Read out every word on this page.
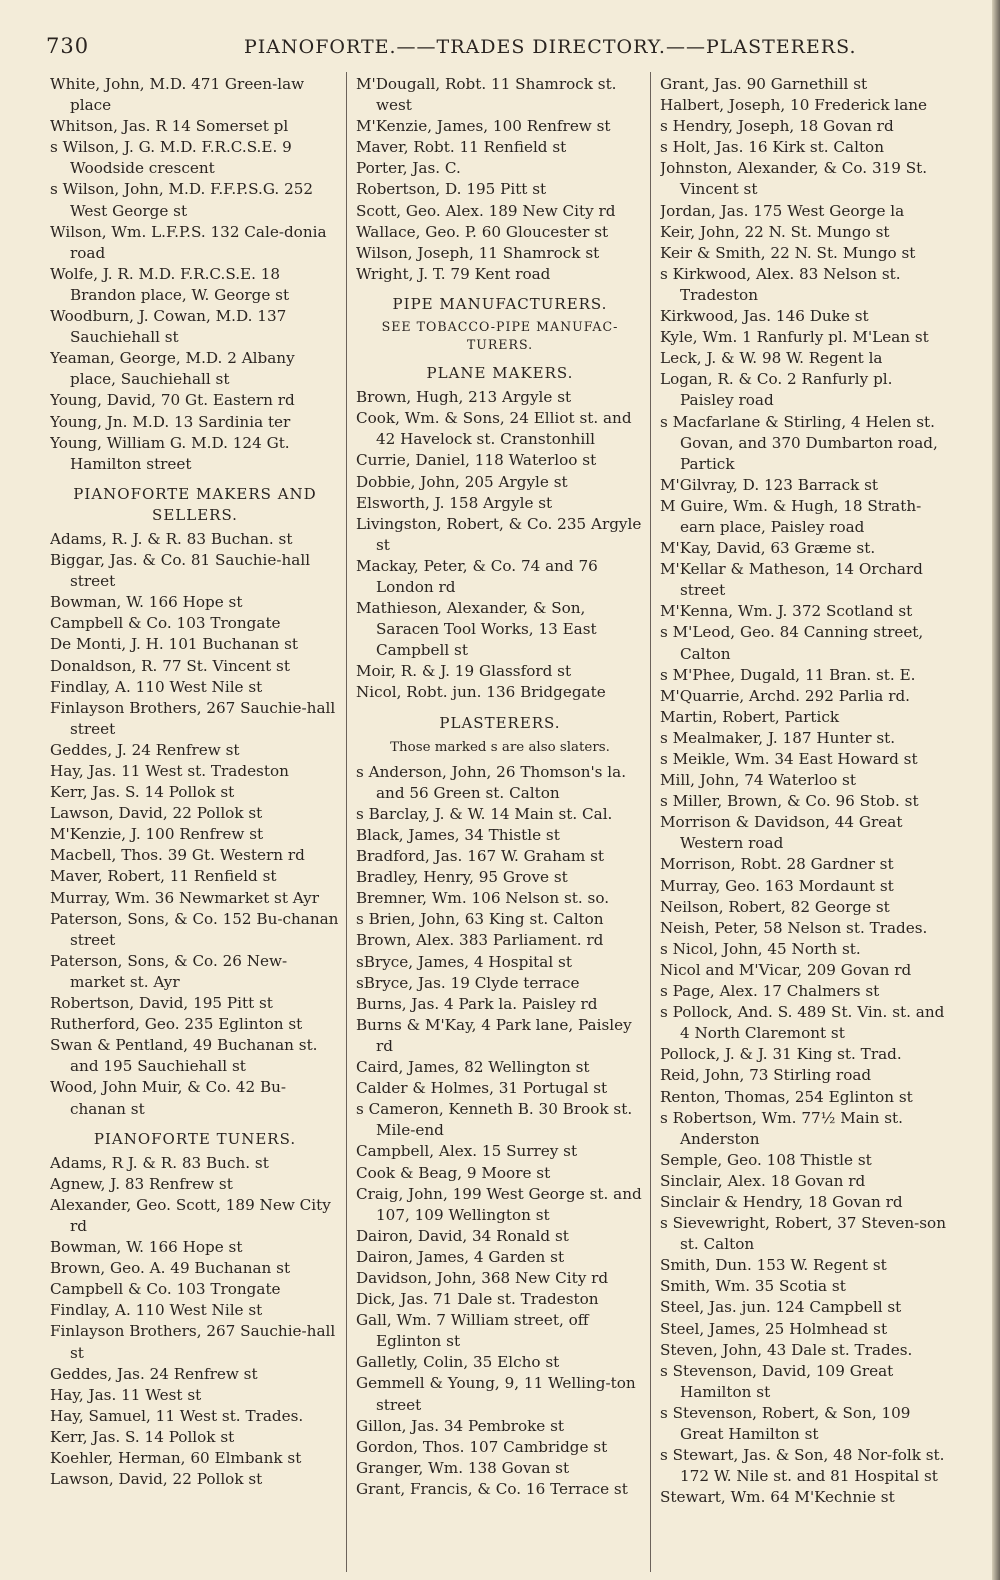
730	PIANOFORTE.——TRADES DIRECTORY.——PLASTERERS.
White, John, M.D. 471 Green-law place
Whitson, Jas. R 14 Somerset pl
s Wilson, J. G. M.D. F.R.C.S.E. 9 Woodside crescent
s Wilson, John, M.D. F.F.P.S.G. 252 West George st
Wilson, Wm. L.F.P.S. 132 Cale-donia road
Wolfe, J. R. M.D. F.R.C.S.E. 18 Brandon place, W. George st
Woodburn, J. Cowan, M.D. 137 Sauchiehall st
Yeaman, George, M.D. 2 Albany place, Sauchiehall st
Young, David, 70 Gt. Eastern rd
Young, Jn. M.D. 13 Sardinia ter
Young, William G. M.D. 124 Gt. Hamilton street
PIANOFORTE MAKERS AND SELLERS.
Adams, R. J. & R. 83 Buchan. st
Biggar, Jas. & Co. 81 Sauchie-hall street
Bowman, W. 166 Hope st
Campbell & Co. 103 Trongate
De Monti, J. H. 101 Buchanan st
Donaldson, R. 77 St. Vincent st
Findlay, A. 110 West Nile st
Finlayson Brothers, 267 Sauchie-hall street
Geddes, J. 24 Renfrew st
Hay, Jas. 11 West st. Tradeston
Kerr, Jas. S. 14 Pollok st
Lawson, David, 22 Pollok st
M'Kenzie, J. 100 Renfrew st
Macbell, Thos. 39 Gt. Western rd
Maver, Robert, 11 Renfield st
Murray, Wm. 36 Newmarket st Ayr
Paterson, Sons, & Co. 152 Bu-chanan street
Paterson, Sons, & Co. 26 New-market st. Ayr
Robertson, David, 195 Pitt st
Rutherford, Geo. 235 Eglinton st
Swan & Pentland, 49 Buchanan st. and 195 Sauchiehall st
Wood, John Muir, & Co. 42 Bu-chanan st
PIANOFORTE TUNERS.
Adams, R J. & R. 83 Buch. st
Agnew, J. 83 Renfrew st
Alexander, Geo. Scott, 189 New City rd
Bowman, W. 166 Hope st
Brown, Geo. A. 49 Buchanan st
Campbell & Co. 103 Trongate
Findlay, A. 110 West Nile st
Finlayson Brothers, 267 Sauchie-hall st
Geddes, Jas. 24 Renfrew st
Hay, Jas. 11 West st
Hay, Samuel, 11 West st. Trades.
Kerr, Jas. S. 14 Pollok st
Koehler, Herman, 60 Elmbank st
Lawson, David, 22 Pollok st
M'Dougall, Robt. 11 Shamrock st. west
M'Kenzie, James, 100 Renfrew st
Maver, Robt. 11 Renfield st
Porter, Jas. C.
Robertson, D. 195 Pitt st
Scott, Geo. Alex. 189 New City rd
Wallace, Geo. P. 60 Gloucester st
Wilson, Joseph, 11 Shamrock st
Wright, J. T. 79 Kent road
PIPE MANUFACTURERS.
SEE TOBACCO-PIPE MANUFAC-TURERS.
PLANE MAKERS.
Brown, Hugh, 213 Argyle st
Cook, Wm. & Sons, 24 Elliot st. and 42 Havelock st. Cranstonhill
Currie, Daniel, 118 Waterloo st
Dobbie, John, 205 Argyle st
Elsworth, J. 158 Argyle st
Livingston, Robert, & Co. 235 Argyle st
Mackay, Peter, & Co. 74 and 76 London rd
Mathieson, Alexander, & Son, Saracen Tool Works, 13 East Campbell st
Moir, R. & J. 19 Glassford st
Nicol, Robt. jun. 136 Bridgegate
PLASTERERS.
Those marked s are also slaters.
s Anderson, John, 26 Thomson's la. and 56 Green st. Calton
s Barclay, J. & W. 14 Main st. Cal.
Black, James, 34 Thistle st
Bradford, Jas. 167 W. Graham st
Bradley, Henry, 95 Grove st
Bremner, Wm. 106 Nelson st. so.
s Brien, John, 63 King st. Calton
Brown, Alex. 383 Parliament. rd
sBryce, James, 4 Hospital st
sBryce, Jas. 19 Clyde terrace
Burns, Jas. 4 Park la. Paisley rd
Burns & M'Kay, 4 Park lane, Paisley rd
Caird, James, 82 Wellington st
Calder & Holmes, 31 Portugal st
s Cameron, Kenneth B. 30 Brook st. Mile-end
Campbell, Alex. 15 Surrey st
Cook & Beag, 9 Moore st
Craig, John, 199 West George st. and 107, 109 Wellington st
Dairon, David, 34 Ronald st
Dairon, James, 4 Garden st
Davidson, John, 368 New City rd
Dick, Jas. 71 Dale st. Tradeston
Gall, Wm. 7 William street, off Eglinton st
Galletly, Colin, 35 Elcho st
Gemmell & Young, 9, 11 Welling-ton street
Gillon, Jas. 34 Pembroke st
Gordon, Thos. 107 Cambridge st
Granger, Wm. 138 Govan st
Grant, Francis, & Co. 16 Terrace st
Grant, Jas. 90 Garnethill st
Halbert, Joseph, 10 Frederick lane
s Hendry, Joseph, 18 Govan rd
s Holt, Jas. 16 Kirk st. Calton
Johnston, Alexander, & Co. 319 St. Vincent st
Jordan, Jas. 175 West George la
Keir, John, 22 N. St. Mungo st
Keir & Smith, 22 N. St. Mungo st
s Kirkwood, Alex. 83 Nelson st. Tradeston
Kirkwood, Jas. 146 Duke st
Kyle, Wm. 1 Ranfurly pl. M'Lean st
Leck, J. & W. 98 W. Regent la
Logan, R. & Co. 2 Ranfurly pl. Paisley road
s Macfarlane & Stirling, 4 Helen st. Govan, and 370 Dumbarton road, Partick
M'Gilvray, D. 123 Barrack st
M Guire, Wm. & Hugh, 18 Strath-earn place, Paisley road
M'Kay, David, 63 Græme st.
M'Kellar & Matheson, 14 Orchard street
M'Kenna, Wm. J. 372 Scotland st
s M'Leod, Geo. 84 Canning street, Calton
s M'Phee, Dugald, 11 Bran. st. E.
M'Quarrie, Archd. 292 Parlia rd.
Martin, Robert, Partick
s Mealmaker, J. 187 Hunter st.
s Meikle, Wm. 34 East Howard st
Mill, John, 74 Waterloo st
s Miller, Brown, & Co. 96 Stob. st
Morrison & Davidson, 44 Great Western road
Morrison, Robt. 28 Gardner st
Murray, Geo. 163 Mordaunt st
Neilson, Robert, 82 George st
Neish, Peter, 58 Nelson st. Trades.
s Nicol, John, 45 North st.
Nicol and M'Vicar, 209 Govan rd
s Page, Alex. 17 Chalmers st
s Pollock, And. S. 489 St. Vin. st. and 4 North Claremont st
Pollock, J. & J. 31 King st. Trad.
Reid, John, 73 Stirling road
Renton, Thomas, 254 Eglinton st
s Robertson, Wm. 77½ Main st. Anderston
Semple, Geo. 108 Thistle st
Sinclair, Alex. 18 Govan rd
Sinclair & Hendry, 18 Govan rd
s Sievewright, Robert, 37 Steven-son st. Calton
Smith, Dun. 153 W. Regent st
Smith, Wm. 35 Scotia st
Steel, Jas. jun. 124 Campbell st
Steel, James, 25 Holmhead st
Steven, John, 43 Dale st. Trades.
s Stevenson, David, 109 Great Hamilton st
s Stevenson, Robert, & Son, 109 Great Hamilton st
s Stewart, Jas. & Son, 48 Nor-folk st. 172 W. Nile st. and 81 Hospital st
Stewart, Wm. 64 M'Kechnie st
